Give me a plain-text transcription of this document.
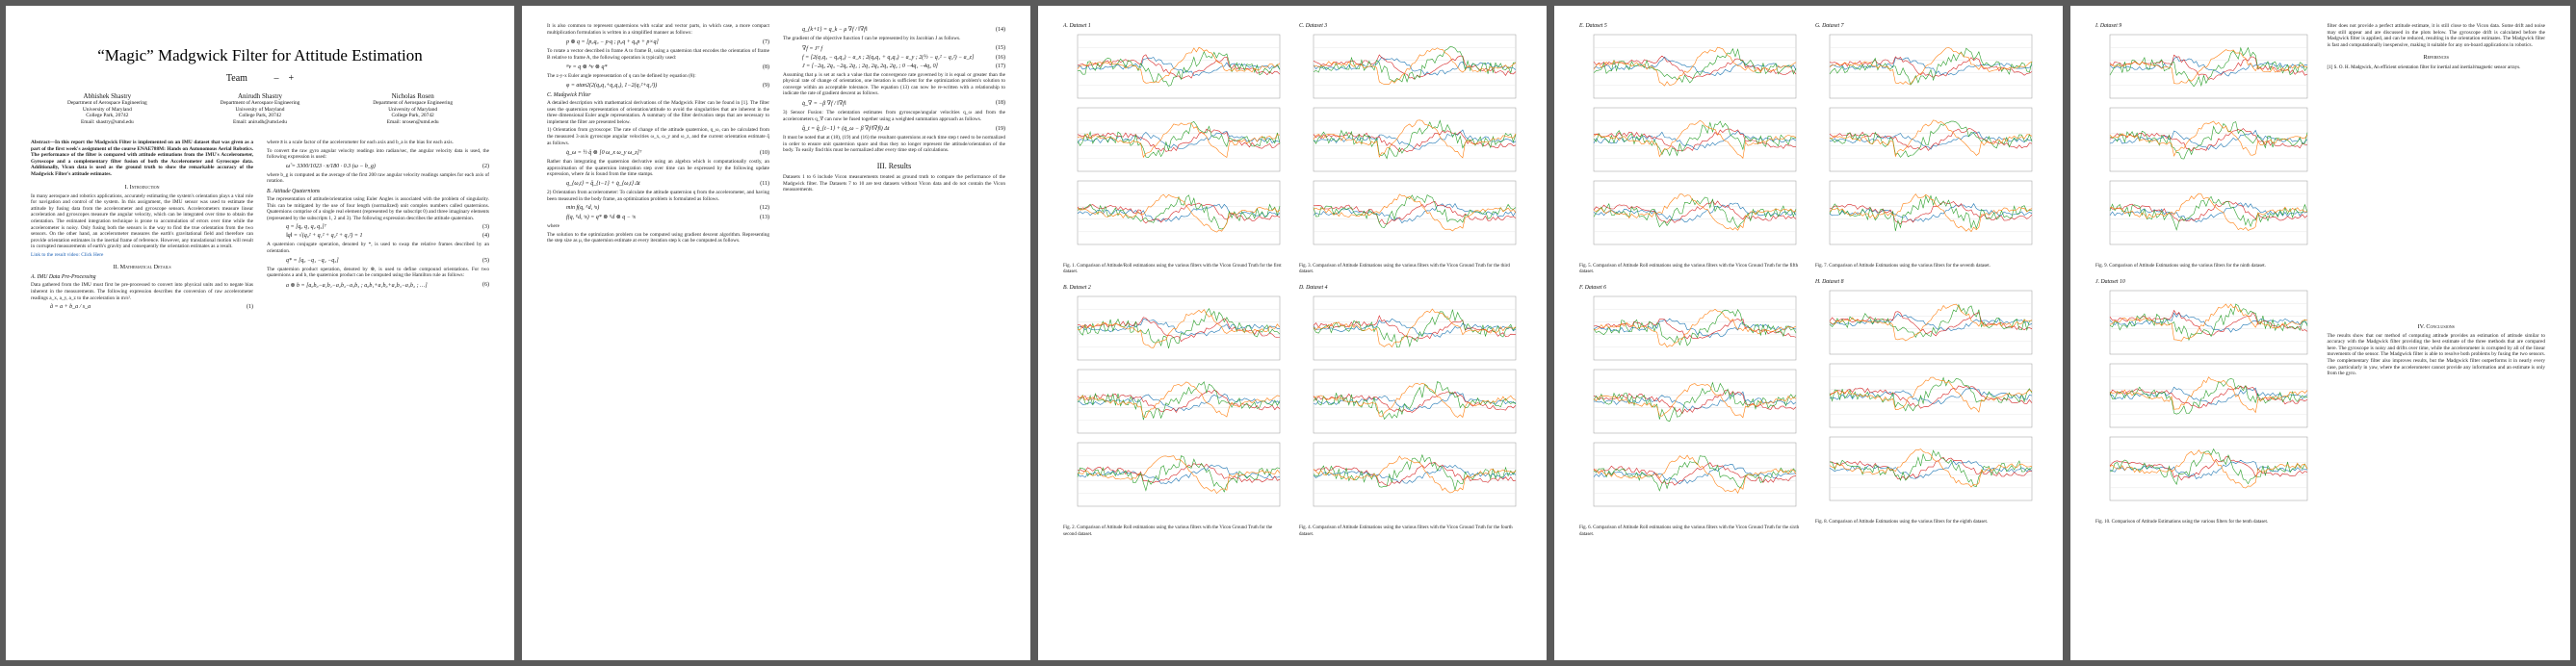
“Magic” Madgwick Filter for Attitude Estimation
Team     –   +
Abhishek Shastry
Department of Aerospace Engineering
University of Maryland
College Park, 20742
Email: shastry@umd.edu
Anirudh Shastry
Department of Aerospace Engineering
University of Maryland
College Park, 20742
Email: anirudh@umd.edu
Nicholas Rosen
Department of Aerospace Engineering
University of Maryland
College Park, 20742
Email: nrosen@umd.edu

Abstract—In this report the Madgwick Filter is implemented on an IMU dataset that was given as a part of the first week's assignment of the course ENAE788M: Hands on Autonomous Aerial Robotics. The performance of the filter is compared with attitude estimations from the IMU's Accelerometer, Gyroscope and a complementary filter fusion of both the Accelerometer and Gyroscope data. Additionally, Vicon data is used as the ground truth to show the remarkable accuracy of the Madgwick Filter's attitude estimates.

I. Introduction

In many aerospace and robotics applications, accurately estimating the system's orientation plays a vital role for navigation and control of the system. In this assignment, the IMU sensor was used to estimate the attitude by fusing data from the accelerometer and gyroscope sensors. Accelerometers measure linear acceleration and gyroscopes measure the angular velocity, which can be integrated over time to obtain the orientation. The estimated integration technique is prone to accumulation of errors over time while the accelerometer is noisy. Only fusing both the sensors is the way to find the true orientation from the two sensors. On the other hand, an accelerometer measures the earth's gravitational field and therefore can provide orientation estimates in the inertial frame of reference. However, any translational motion will result in corrupted measurements of earth's gravity and consequently the orientation estimates as a result.

Link to the result video: Click Here

II. Mathematical Details
A. IMU Data Pre-Processing

Data gathered from the IMU must first be pre-processed to convert into physical units and to negate bias inherent in the measurements. The following expression describes the conversion of raw accelerometer readings a_x, a_y, a_z to the acceleration in m/s².

ã = a + b_a / s_a	(1)

where a̅ is a scale factor of the accelerometer for each axis and b_a is the bias for each axis.

To convert the raw gyro angular velocity readings into radian/sec, the angular velocity data is used, the following expression is used:

ω̃ = 3300/1023 · π/180 · 0.3 (ω − b_g)	(2)

where b_g is computed as the average of the first 200 raw angular velocity readings samples for each axis of rotation.

B. Attitude Quaternions

The representation of attitude/orientation using Euler Angles is associated with the problem of singularity. This can be mitigated by the use of four length (normalized) unit complex numbers called quaternions. Quaternions comprise of a single real element (represented by the subscript 0) and three imaginary elements (represented by the subscripts 1, 2 and 3). The following expression describes the attitude quaternion.

q = [q₀ q₁ q₂ q₃]ᵀ	(3)
‖q‖ = √(q₀² + q₁² + q₂² + q₃²) = 1	(4)

A quaternion conjugate operation, denoted by *, is used to swap the relative frames described by an orientation.

q* = [q₀ −q₁ −q₂ −q₃]	(5)

The quaternion product operation, denoted by ⊗, is used to define compound orientations. For two quaternions a and b, the quaternion product can be computed using the Hamilton rule as follows:

a ⊗ b = [a₀b₀−a₁b₁−a₂b₂−a₃b₃ ; a₀b₁+a₁b₀+a₂b₃−a₃b₂ ; …]	(6)

It is also common to represent quaternions with scalar and vector parts, in which case, a more compact multiplication formulation is written in a simplified manner as follows:

p ⊗ q = [p₀q₀ − p·q ; p₀q + q₀p + p×q]	(7)

To rotate a vector described in frame A to frame B, using a quaternion that encodes the orientation of frame B relative to frame A, the following operation is typically used:

ᴮv = q ⊗ ᴬv ⊗ q*	(8)

The z-y-x Euler angle representation of q can be defined by equation (8):

φ = atan2(2(q₀q₁+q₂q₃), 1−2(q₁²+q₂²))	(9)
C. Madgwick Filter

A detailed description with mathematical derivations of the Madgwick Filter can be found in [1]. The filter uses the quaternion representation of orientation/attitude to avoid the singularities that are inherent in the three dimensional Euler angle representation. A summary of the filter derivation steps that are necessary to implement the filter are presented below.

1) Orientation from gyroscope: The rate of change of the attitude quaternion, q_ω, can be calculated from the measured 3-axis gyroscope angular velocities ω_x, ω_y and ω_z, and the current orientation estimate q̂ as follows.

q̇_ω = ½ q̂ ⊗ [0 ω_x ω_y ω_z]ᵀ	(10)

Rather than integrating the quaternion derivative using an algebra which is computationally costly, an approximation of the quaternion integration step over time can be expressed by the following update expression, where Δt is found from the time stamps.

q_{ω,t} = q̂_{t−1} + q̇_{ω,t} Δt	(11)

2) Orientation from accelerometer: To calculate the attitude quaternion q from the accelerometer, and having been measured in the body frame, an optimization problem is formulated as follows.

min f(q, ᴱd, ˢs)	(12)
f(q, ᴱd, ˢs) = q* ⊗ ᴱd ⊗ q − ˢs	(13)

where

The solution to the optimization problem can be computed using gradient descent algorithm. Representing the step size as μ, the quaternion estimate at every iteration step k can be computed as follows.

q_{k+1} = q_k − μ ∇f / ‖∇f‖	(14)

The gradient of the objective function f can be represented by its Jacobian J as follows.

∇f = Jᵀ f	(15)
f = [2(q₁q₃ − q₀q₂) − a_x ; 2(q₀q₁ + q₂q₃) − a_y ; 2(½ − q₁² − q₂²) − a_z]	(16)
J = [−2q₂ 2q₃ −2q₀ 2q₁ ; 2q₁ 2q₀ 2q₃ 2q₂ ; 0 −4q₁ −4q₂ 0]	(17)

Assuming that μ is set at such a value that the convergence rate governed by it is equal or greater than the physical rate of change of orientation, one iteration is sufficient for the optimization problem's solution to converge within an acceptable tolerance. The equation (13) can now be re-written with a relationship to indicate the rate of gradient descent as follows.

q̇_∇ = −β ∇f / ‖∇f‖	(18)

3) Sensor Fusion: The orientation estimates from gyroscope/angular velocities q_ω and from the accelerometers q_∇ can now be fused together using a weighted summation approach as follows.

q̂_t = q̂_{t−1} + (q̇_ω − β ∇f/‖∇f‖) Δt	(19)

It must be noted that at (18), (19) and (16) the resultant quaternions at each time step t need to be normalized in order to ensure unit quaternion space and thus they no longer represent the attitude/orientation of the body. To easily find this must be normalized after every time step of calculations.

III. Results

Datasets 1 to 6 include Vicon measurements treated as ground truth to compare the performance of the Madgwick filter. The Datasets 7 to 10 are test datasets without Vicon data and do not contain the Vicon measurements.

A. Dataset 1
Fig. 1. Comparison of Attitude/Roll estimations using the various filters with the Vicon Ground Truth for the first dataset.
B. Dataset 2
Fig. 2. Comparison of Attitude Roll estimations using the various filters with the Vicon Ground Truth for the second dataset.
C. Dataset 3
Fig. 3. Comparison of Attitude Estimations using the various filters with the Vicon Ground Truth for the third dataset.
D. Dataset 4
Fig. 4. Comparison of Attitude Estimations using the various filters with the Vicon Ground Truth for the fourth dataset.
E. Dataset 5
Fig. 5. Comparison of Attitude Roll estimations using the various filters with the Vicon Ground Truth for the fifth dataset.
F. Dataset 6
Fig. 6. Comparison of Attitude Roll estimations using the various filters with the Vicon Ground Truth for the sixth dataset.
G. Dataset 7
Fig. 7. Comparison of Attitude Estimations using the various filters for the seventh dataset.
H. Dataset 8
Fig. 8. Comparison of Attitude Estimations using the various filters for the eighth dataset.
I. Dataset 9
Fig. 9. Comparison of Attitude Estimations using the various filters for the ninth dataset.
J. Dataset 10
Fig. 10. Comparison of Attitude Estimations using the various filters for the tenth dataset.

filter does not provide a perfect attitude estimate, it is still close to the Vicon data. Some drift and noise may still appear and are discussed in the plots below. The gyroscope drift is calculated before the Madgwick filter is applied, and can be reduced, resulting in the orientation estimates. The Madgwick filter is fast and computationally inexpensive, making it suitable for any on-board applications in robotics.

References

[1] S. O. H. Madgwick, An efficient orientation filter for inertial and inertial/magnetic sensor arrays.

IV. Conclusions

The results show that our method of computing attitude provides an estimation of attitude similar to accuracy with the Madgwick filter providing the best estimate of the three methods that are compared here. The gyroscope is noisy and drifts over time, while the accelerometer is corrupted by all of the linear movements of the sensor. The Madgwick filter is able to resolve both problems by fusing the two sensors. The complementary filter also improves results, but the Madgwick filter outperforms it in nearly every case, particularly in yaw, where the accelerometer cannot provide any information and an estimate is only from the gyro.
